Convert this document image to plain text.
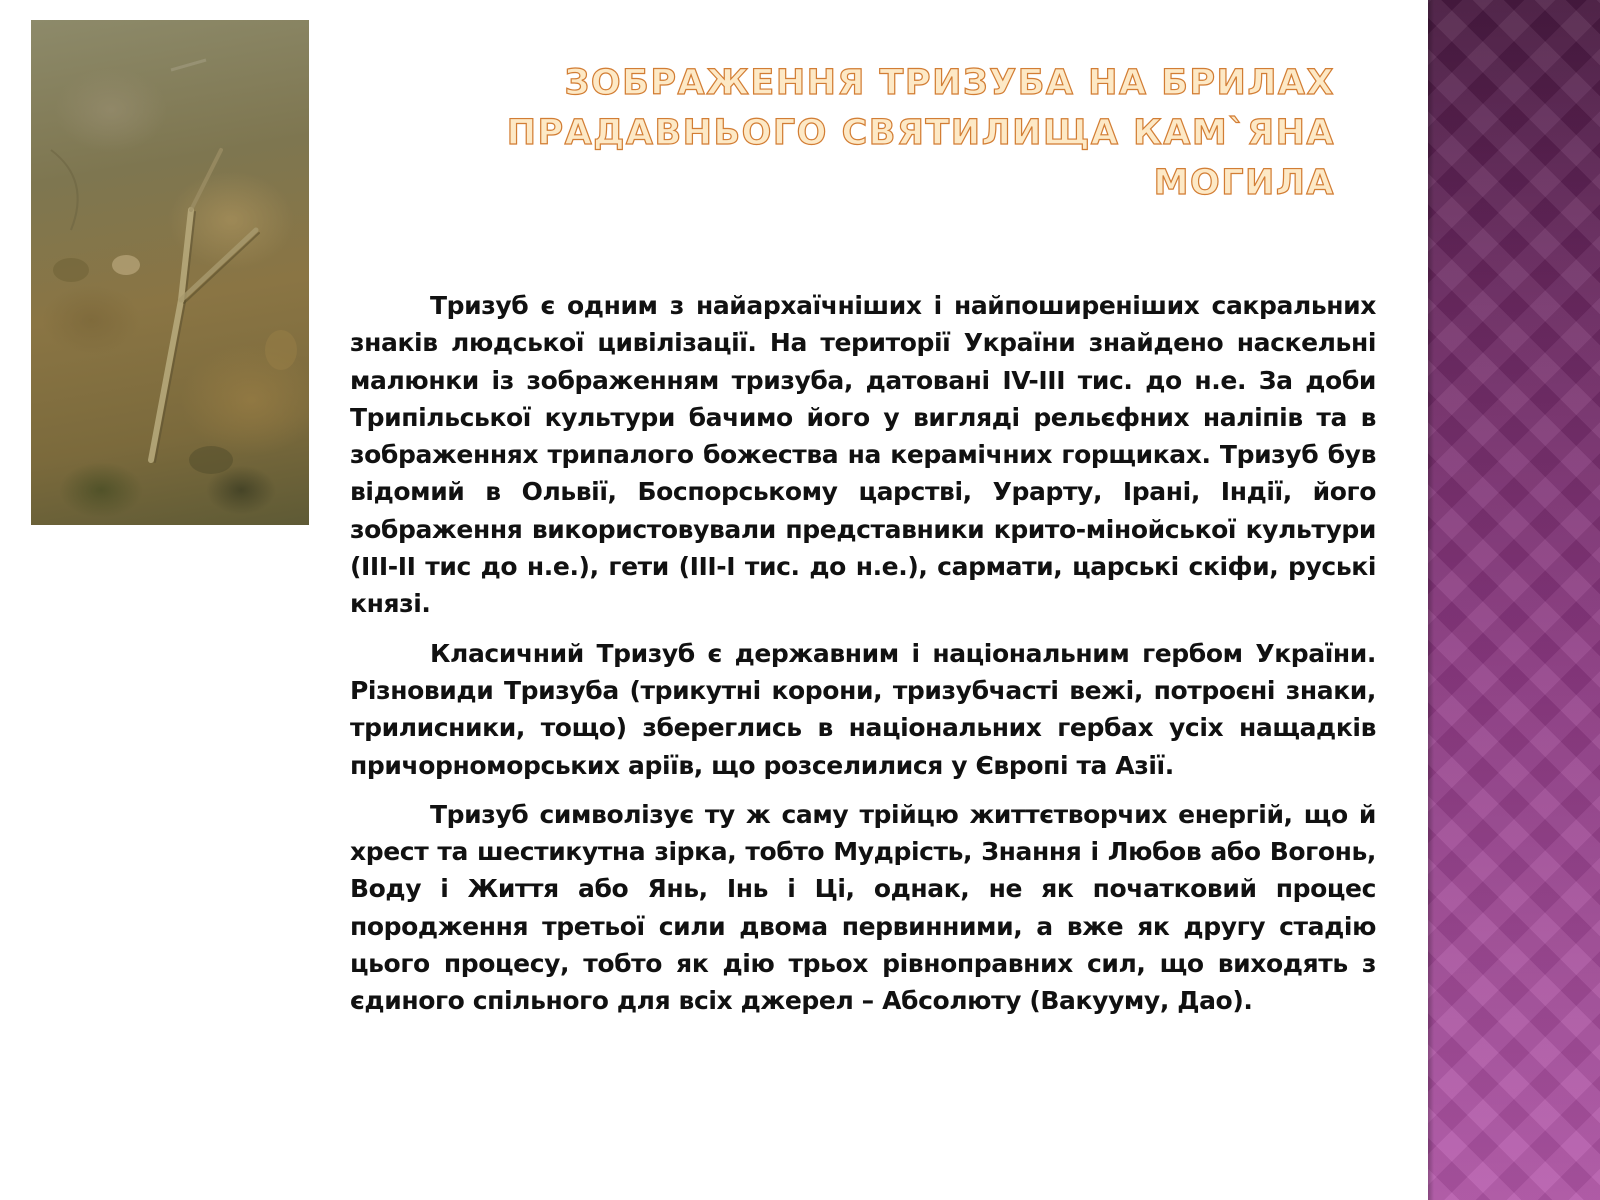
ЗОБРАЖЕННЯ ТРИЗУБА НА БРИЛАХ
ПРАДАВНЬОГО СВЯТИЛИЩА КАМ`ЯНА
МОГИЛА

Тризуб є одним з найархаїчніших і найпоширеніших сакральних знаків людської цивілізації. На території України знайдено наскельні малюнки із зображенням тризуба, датовані IV-III тис. до н.е. За доби Трипільської культури бачимо його у вигляді рельєфних наліпів та в зображеннях трипалого божества на керамічних горщиках. Тризуб був відомий в Ольвії, Боспорському царстві, Урарту, Ірані, Індії, його зображення використовували представники крито-мінойської культури (III-II тис до н.е.), гети (III-I тис. до н.е.), сармати, царські скіфи, руські князі.

Класичний Тризуб є державним і національним гербом України. Різновиди Тризуба (трикутні корони, тризубчасті вежі, потроєні знаки, трилисники, тощо) збереглись в національних гербах усіх нащадків причорноморських аріїв, що розселилися у Європі та Азії.

Тризуб символізує ту ж саму трійцю життєтворчих енергій, що й хрест та шестикутна зірка, тобто Мудрість, Знання і Любов або Вогонь, Воду і Життя або Янь, Інь і Ці, однак, не як початковий процес породження третьої сили двома первинними, а вже як другу стадію цього процесу, тобто як дію трьох рівноправних сил, що виходять з єдиного спільного для всіх джерел – Абсолюту (Вакууму, Дао).
